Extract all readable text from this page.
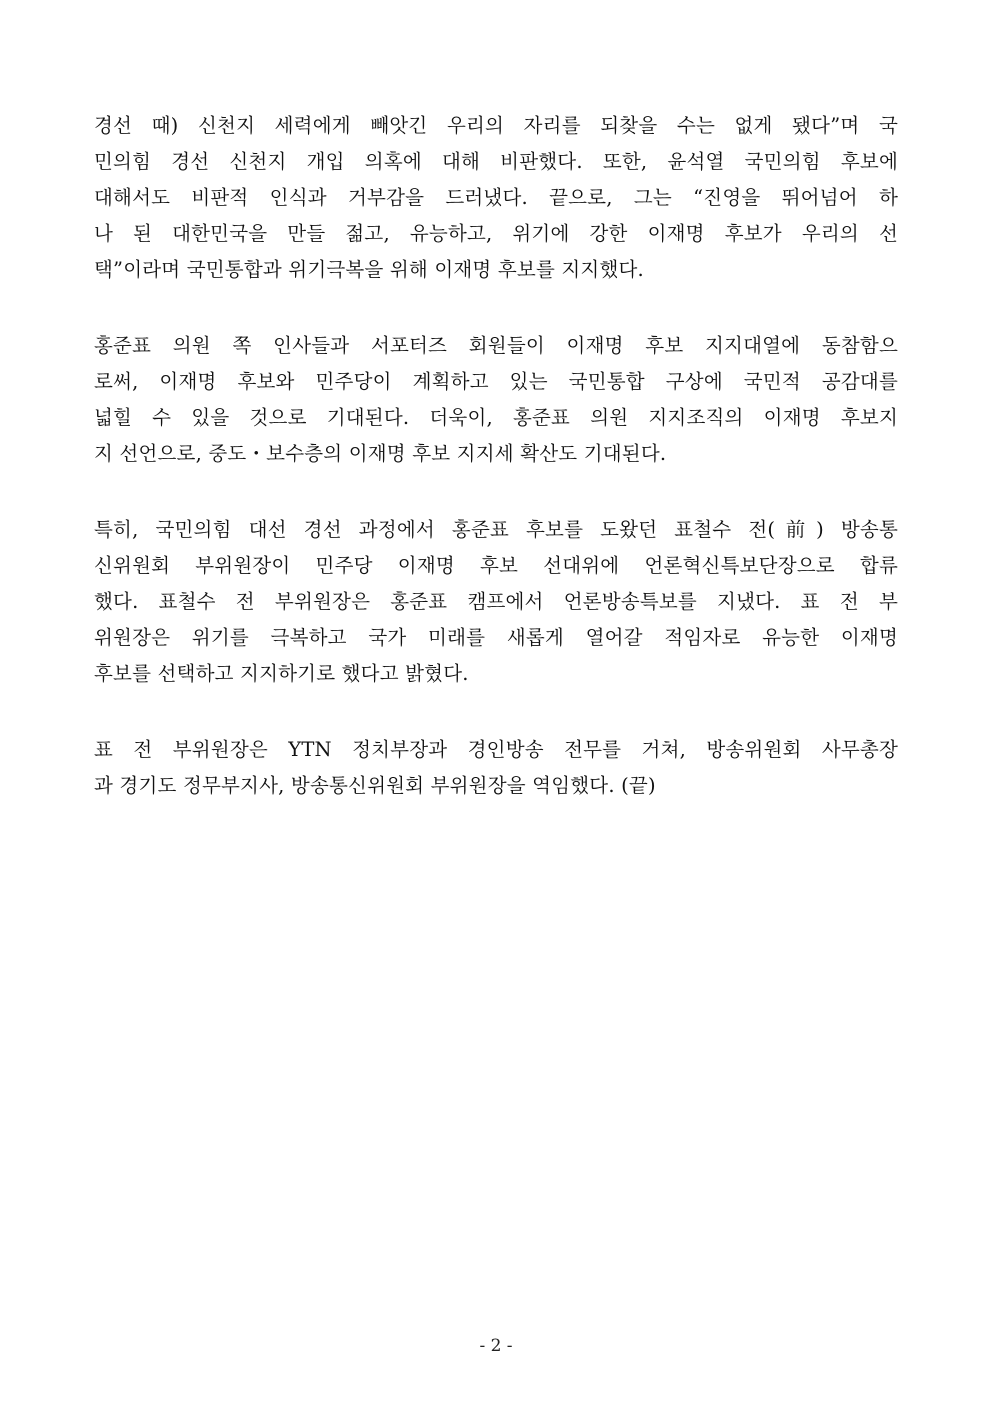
경선 때) 신천지 세력에게 빼앗긴 우리의 자리를 되찾을 수는 없게 됐다”며 국
민의힘 경선 신천지 개입 의혹에 대해 비판했다. 또한, 윤석열 국민의힘 후보에
대해서도 비판적 인식과 거부감을 드러냈다. 끝으로, 그는 “진영을 뛰어넘어 하
나 된 대한민국을 만들 젊고, 유능하고, 위기에 강한 이재명 후보가 우리의 선
택”이라며 국민통합과 위기극복을 위해 이재명 후보를 지지했다.
홍준표 의원 쪽 인사들과 서포터즈 회원들이 이재명 후보 지지대열에 동참함으
로써, 이재명 후보와 민주당이 계획하고 있는 국민통합 구상에 국민적 공감대를
넓힐 수 있을 것으로 기대된다. 더욱이, 홍준표 의원 지지조직의 이재명 후보지
지 선언으로, 중도・보수층의 이재명 후보 지지세 확산도 기대된다.
특히, 국민의힘 대선 경선 과정에서 홍준표 후보를 도왔던 표철수 전(前) 방송통
신위원회 부위원장이 민주당 이재명 후보 선대위에 언론혁신특보단장으로 합류
했다. 표철수 전 부위원장은 홍준표 캠프에서 언론방송특보를 지냈다. 표 전 부
위원장은 위기를 극복하고 국가 미래를 새롭게 열어갈 적임자로 유능한 이재명
후보를 선택하고 지지하기로 했다고 밝혔다.
표 전 부위원장은 YTN 정치부장과 경인방송 전무를 거쳐, 방송위원회 사무총장
과 경기도 정무부지사, 방송통신위원회 부위원장을 역임했다. (끝)
- 2 -
